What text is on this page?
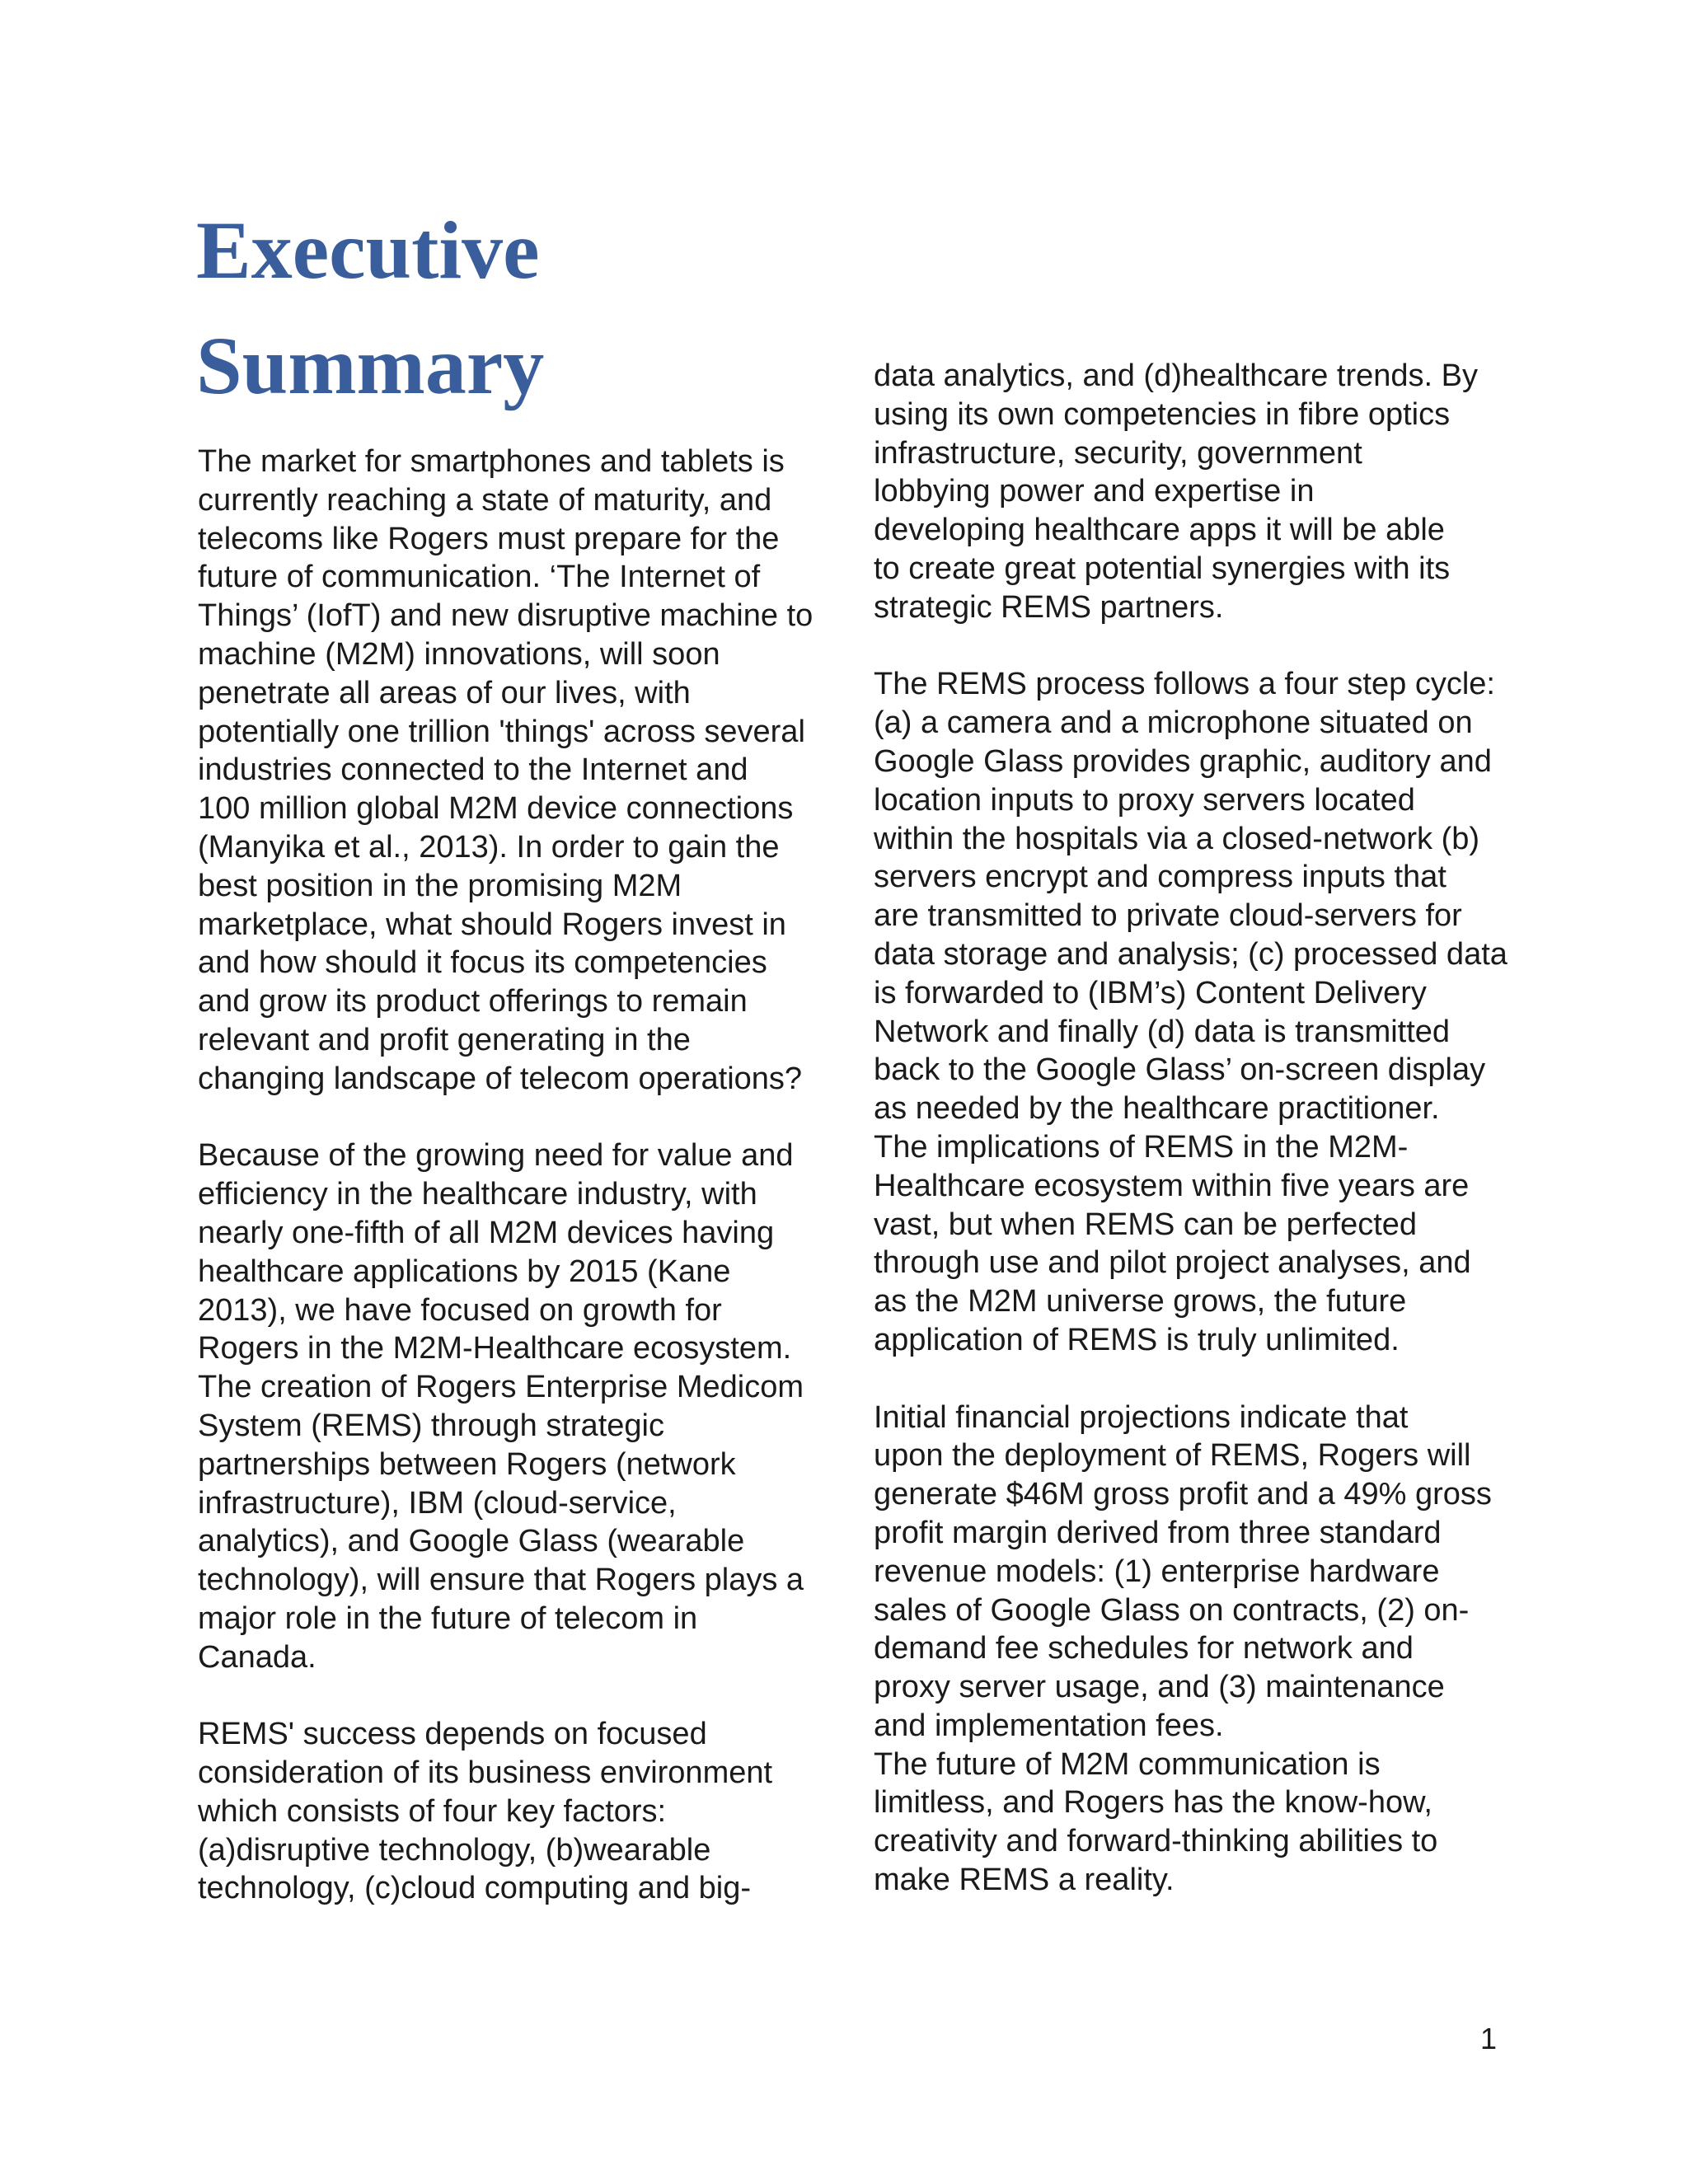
Executive
Summary

The market for smartphones and tablets is
currently reaching a state of maturity, and
telecoms like Rogers must prepare for the
future of communication. ‘The Internet of
Things’ (IofT) and new disruptive machine to
machine (M2M) innovations, will soon
penetrate all areas of our lives, with
potentially one trillion 'things' across several
industries connected to the Internet and
100 million global M2M device connections
(Manyika et al., 2013). In order to gain the
best position in the promising M2M
marketplace, what should Rogers invest in
and how should it focus its competencies
and grow its product offerings to remain
relevant and profit generating in the
changing landscape of telecom operations?

Because of the growing need for value and
efficiency in the healthcare industry, with
nearly one-fifth of all M2M devices having
healthcare applications by 2015 (Kane
2013), we have focused on growth for
Rogers in the M2M-Healthcare ecosystem.
The creation of Rogers Enterprise Medicom
System (REMS) through strategic
partnerships between Rogers (network
infrastructure), IBM (cloud-service,
analytics), and Google Glass (wearable
technology), will ensure that Rogers plays a
major role in the future of telecom in
Canada.

REMS' success depends on focused
consideration of its business environment
which consists of four key factors:
(a)disruptive technology, (b)wearable
technology, (c)cloud computing and big-

data analytics, and (d)healthcare trends. By
using its own competencies in fibre optics
infrastructure, security, government
lobbying power and expertise in
developing healthcare apps it will be able
to create great potential synergies with its
strategic REMS partners.

The REMS process follows a four step cycle:
(a) a camera and a microphone situated on
Google Glass provides graphic, auditory and
location inputs to proxy servers located
within the hospitals via a closed-network (b)
servers encrypt and compress inputs that
are transmitted to private cloud-servers for
data storage and analysis; (c) processed data
is forwarded to (IBM’s) Content Delivery
Network and finally (d) data is transmitted
back to the Google Glass’ on-screen display
as needed by the healthcare practitioner.
The implications of REMS in the M2M-
Healthcare ecosystem within five years are
vast, but when REMS can be perfected
through use and pilot project analyses, and
as the M2M universe grows, the future
application of REMS is truly unlimited.

Initial financial projections indicate that
upon the deployment of REMS, Rogers will
generate $46M gross profit and a 49% gross
profit margin derived from three standard
revenue models: (1) enterprise hardware
sales of Google Glass on contracts, (2) on-
demand fee schedules for network and
proxy server usage, and (3) maintenance
and implementation fees.

The future of M2M communication is
limitless, and Rogers has the know-how,
creativity and forward-thinking abilities to
make REMS a reality.

1
